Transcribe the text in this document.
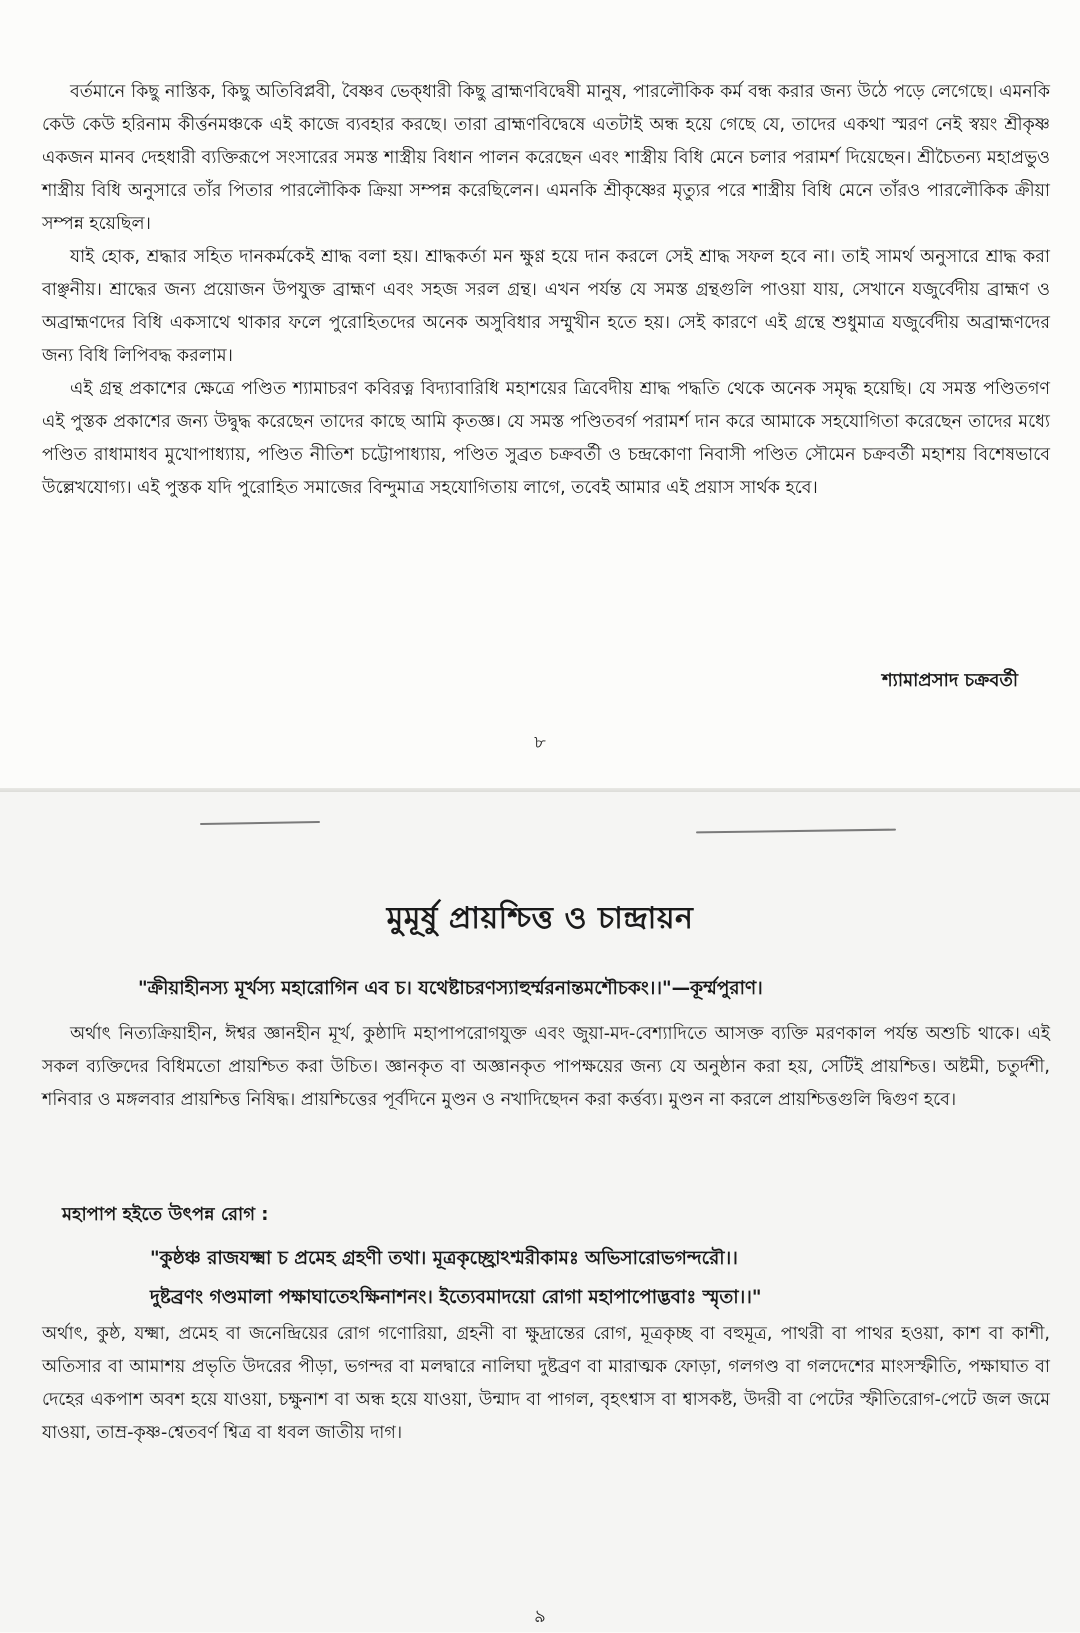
বর্তমানে কিছু নাস্তিক, কিছু অতিবিপ্লবী, বৈষ্ণব ভেক্‌ধারী কিছু ব্রাহ্মণবিদ্বেষী মানুষ, পারলৌকিক কর্ম বন্ধ করার জন্য উঠে পড়ে লেগেছে। এমনকি কেউ কেউ হরিনাম কীর্ত্তনমঞ্চকে এই কাজে ব্যবহার করছে। তারা ব্রাহ্মণবিদ্বেষে এতটাই অন্ধ হয়ে গেছে যে, তাদের একথা স্মরণ নেই স্বয়ং শ্রীকৃষ্ণ একজন মানব দেহধারী ব্যক্তিরূপে সংসারের সমস্ত শাস্ত্রীয় বিধান পালন করেছেন এবং শাস্ত্রীয় বিধি মেনে চলার পরামর্শ দিয়েছেন। শ্রীচৈতন্য মহাপ্রভুও শাস্ত্রীয় বিধি অনুসারে তাঁর পিতার পারলৌকিক ক্রিয়া সম্পন্ন করেছিলেন। এমনকি শ্রীকৃষ্ণের মৃত্যুর পরে শাস্ত্রীয় বিধি মেনে তাঁরও পারলৌকিক ক্রীয়া সম্পন্ন হয়েছিল।

যাই হোক, শ্রদ্ধার সহিত দানকর্মকেই শ্রাদ্ধ বলা হয়। শ্রাদ্ধকর্তা মন ক্ষুণ্ণ হয়ে দান করলে সেই শ্রাদ্ধ সফল হবে না। তাই সামর্থ অনুসারে শ্রাদ্ধ করা বাঞ্ছনীয়। শ্রাদ্ধের জন্য প্রয়োজন উপযুক্ত ব্রাহ্মণ এবং সহজ সরল গ্রন্থ। এখন পর্যন্ত যে সমস্ত গ্রন্থগুলি পাওয়া যায়, সেখানে যজুর্বেদীয় ব্রাহ্মণ ও অব্রাহ্মণদের বিধি একসাথে থাকার ফলে পুরোহিতদের অনেক অসুবিধার সম্মুখীন হতে হয়। সেই কারণে এই গ্রন্থে শুধুমাত্র যজুর্বেদীয় অব্রাহ্মণদের জন্য বিধি লিপিবদ্ধ করলাম।

এই গ্রন্থ প্রকাশের ক্ষেত্রে পণ্ডিত শ্যামাচরণ কবিরত্ন বিদ্যাবারিধি মহাশয়ের ত্রিবেদীয় শ্রাদ্ধ পদ্ধতি থেকে অনেক সমৃদ্ধ হয়েছি। যে সমস্ত পণ্ডিতগণ এই পুস্তক প্রকাশের জন্য উদ্বুদ্ধ করেছেন তাদের কাছে আমি কৃতজ্ঞ। যে সমস্ত পণ্ডিতবর্গ পরামর্শ দান করে আমাকে সহযোগিতা করেছেন তাদের মধ্যে পণ্ডিত রাধামাধব মুখোপাধ্যায়, পণ্ডিত নীতিশ চট্টোপাধ্যায়, পণ্ডিত সুব্রত চক্রবর্তী ও চন্দ্রকোণা নিবাসী পণ্ডিত সৌমেন চক্রবর্তী মহাশয় বিশেষভাবে উল্লেখযোগ্য। এই পুস্তক যদি পুরোহিত সমাজের বিন্দুমাত্র সহযোগিতায় লাগে, তবেই আমার এই প্রয়াস সার্থক হবে।

শ্যামাপ্রসাদ চক্রবর্তী
৮
মুমূর্ষু প্রায়শ্চিত্ত ও চান্দ্রায়ন
"ক্রীয়াহীনস্য মূর্খস্য মহারোগিন এব চ। যথেষ্টাচরণস্যাহুর্ম্মরনান্তমশৌচকং।।"—কূর্ম্মপুরাণ।

অর্থাৎ নিত্যক্রিয়াহীন, ঈশ্বর জ্ঞানহীন মূর্খ, কুষ্ঠাদি মহাপাপরোগযুক্ত এবং জুয়া-মদ-বেশ্যাদিতে আসক্ত ব্যক্তি মরণকাল পর্যন্ত অশুচি থাকে। এই সকল ব্যক্তিদের বিধিমতো প্রায়শ্চিত করা উচিত। জ্ঞানকৃত বা অজ্ঞানকৃত পাপক্ষয়ের জন্য যে অনুষ্ঠান করা হয়, সেটিই প্রায়শ্চিত্ত। অষ্টমী, চতুর্দশী, শনিবার ও মঙ্গলবার প্রায়শ্চিত্ত নিষিদ্ধ। প্রায়শ্চিত্তের পূর্বদিনে মুণ্ডন ও নখাদিছেদন করা কর্ত্তব্য। মুণ্ডন না করলে প্রায়শ্চিত্তগুলি দ্বিগুণ হবে।

মহাপাপ হইতে উৎপন্ন রোগ :
"কুষ্ঠঞ্চ রাজযক্ষ্মা চ প্রমেহ গ্রহণী তথা। মূত্রকৃচ্ছ্রোঽশ্মরীকামঃ অভিসারোভগন্দরৌ।।
দুষ্টব্রণং গণ্ডমালা পক্ষাঘাতেঽক্ষিনাশনং। ইত্যেবমাদয়ো রোগা মহাপাপোদ্ভবাঃ স্মৃতা।।"

অর্থাৎ, কুষ্ঠ, যক্ষ্মা, প্রমেহ বা জনেন্দ্রিয়ের রোগ গণোরিয়া, গ্রহনী বা ক্ষুদ্রান্তের রোগ, মূত্রকৃচ্ছ বা বহুমূত্র, পাথরী বা পাথর হওয়া, কাশ বা কাশী, অতিসার বা আমাশয় প্রভৃতি উদরের পীড়া, ভগন্দর বা মলদ্বারে নালিঘা দুষ্টব্রণ বা মারাত্মক ফোড়া, গলগণ্ড বা গলদেশের মাংসস্ফীতি, পক্ষাঘাত বা দেহের একপাশ অবশ হয়ে যাওয়া, চক্ষুনাশ বা অন্ধ হয়ে যাওয়া, উন্মাদ বা পাগল, বৃহৎশ্বাস বা শ্বাসকষ্ট, উদরী বা পেটের স্ফীতিরোগ-পেটে জল জমে যাওয়া, তাম্র-কৃষ্ণ-শ্বেতবর্ণ শ্বিত্র বা ধবল জাতীয় দাগ।

৯
